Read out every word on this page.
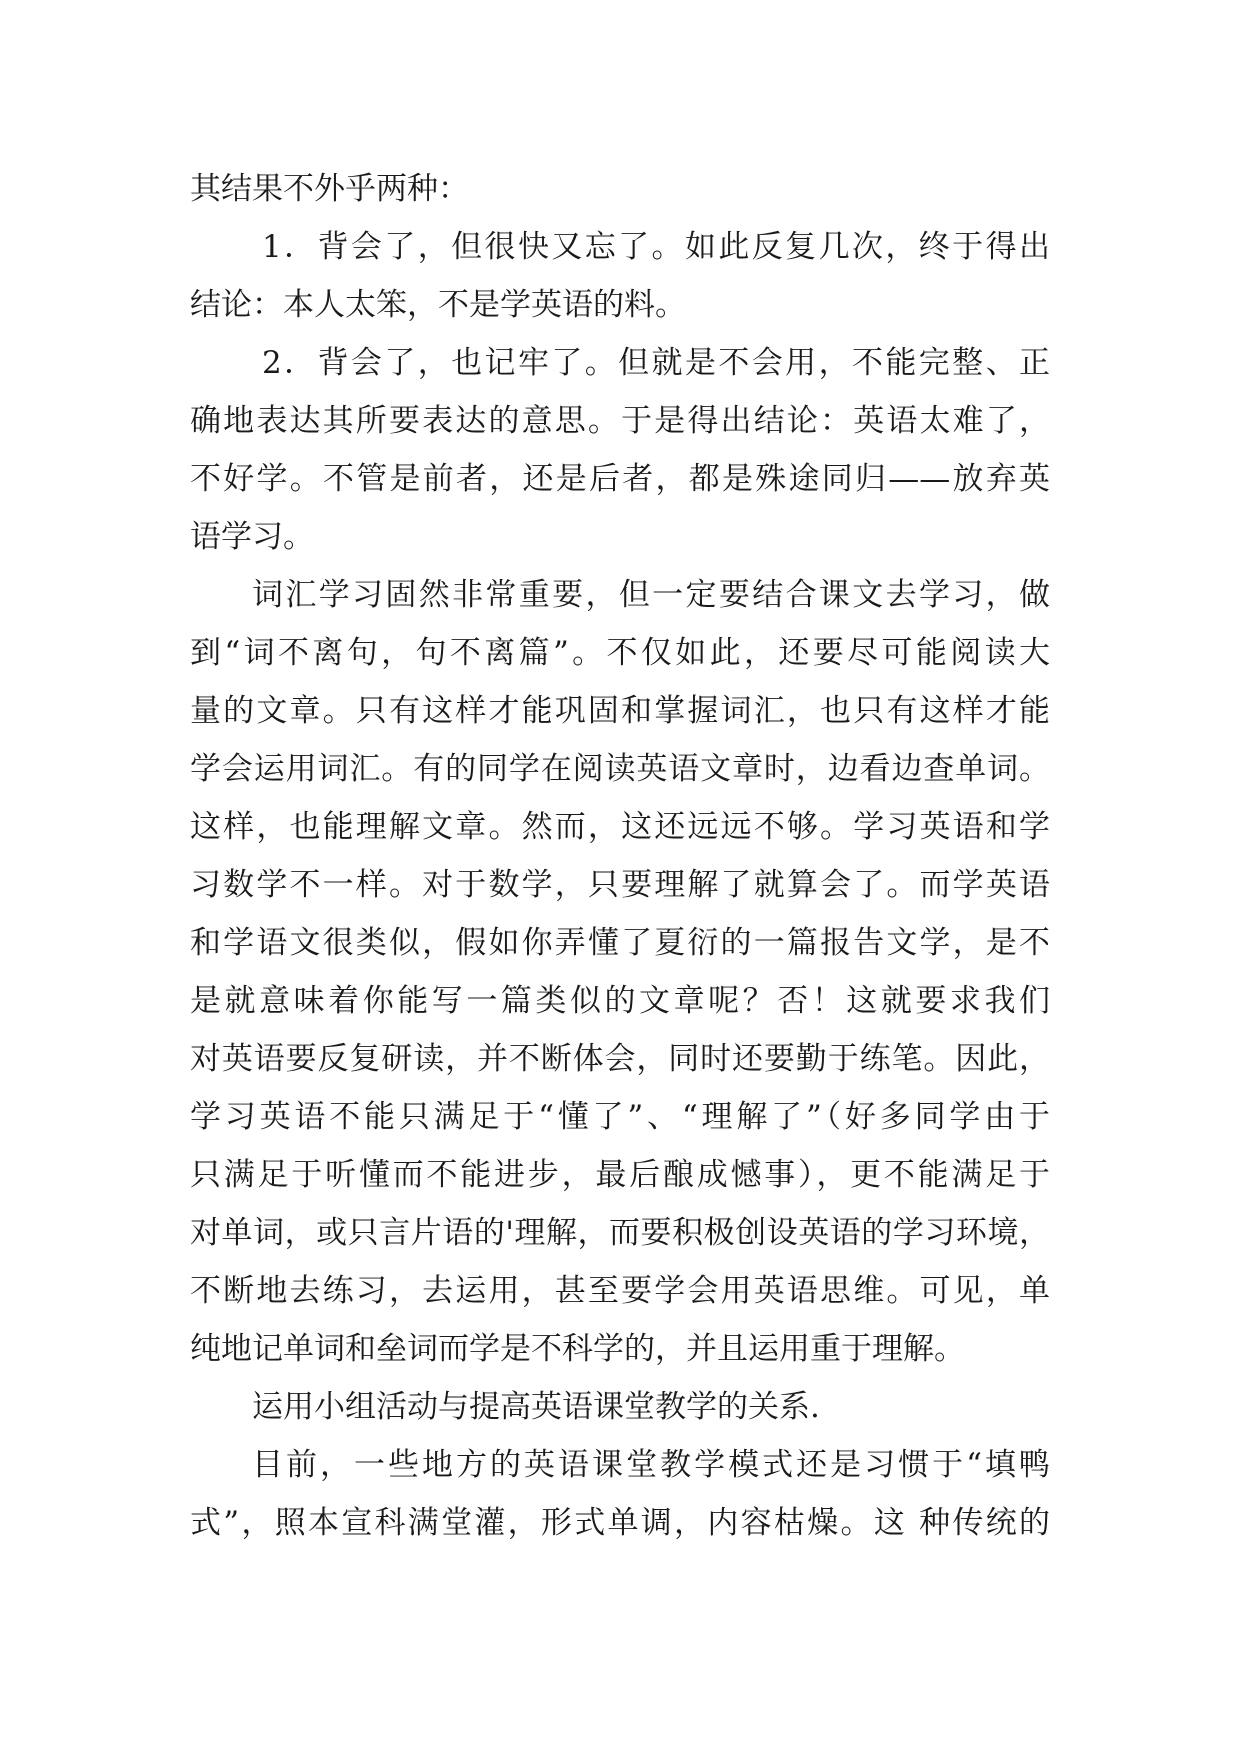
其结果不外乎两种：
1．背会了，但很快又忘了。如此反复几次，终于得出
结论：本人太笨，不是学英语的料。
2．背会了，也记牢了。但就是不会用，不能完整、正
确地表达其所要表达的意思。于是得出结论：英语太难了，
不好学。不管是前者，还是后者，都是殊途同归——放弃英
语学习。
词汇学习固然非常重要，但一定要结合课文去学习，做
到“词不离句，句不离篇”。不仅如此，还要尽可能阅读大
量的文章。只有这样才能巩固和掌握词汇，也只有这样才能
学会运用词汇。有的同学在阅读英语文章时，边看边查单词。
这样，也能理解文章。然而，这还远远不够。学习英语和学
习数学不一样。对于数学，只要理解了就算会了。而学英语
和学语文很类似，假如你弄懂了夏衍的一篇报告文学，是不
是就意味着你能写一篇类似的文章呢？否！这就要求我们
对英语要反复研读，并不断体会，同时还要勤于练笔。因此，
学习英语不能只满足于“懂了”、“理解了”（好多同学由于
只满足于听懂而不能进步，最后酿成憾事），更不能满足于
对单词，或只言片语的'理解，而要积极创设英语的学习环境，
不断地去练习，去运用，甚至要学会用英语思维。可见，单
纯地记单词和垒词而学是不科学的，并且运用重于理解。
运用小组活动与提高英语课堂教学的关系.
目前，一些地方的英语课堂教学模式还是习惯于“填鸭
式”，照本宣科满堂灌，形式单调，内容枯燥。这 种传统的
